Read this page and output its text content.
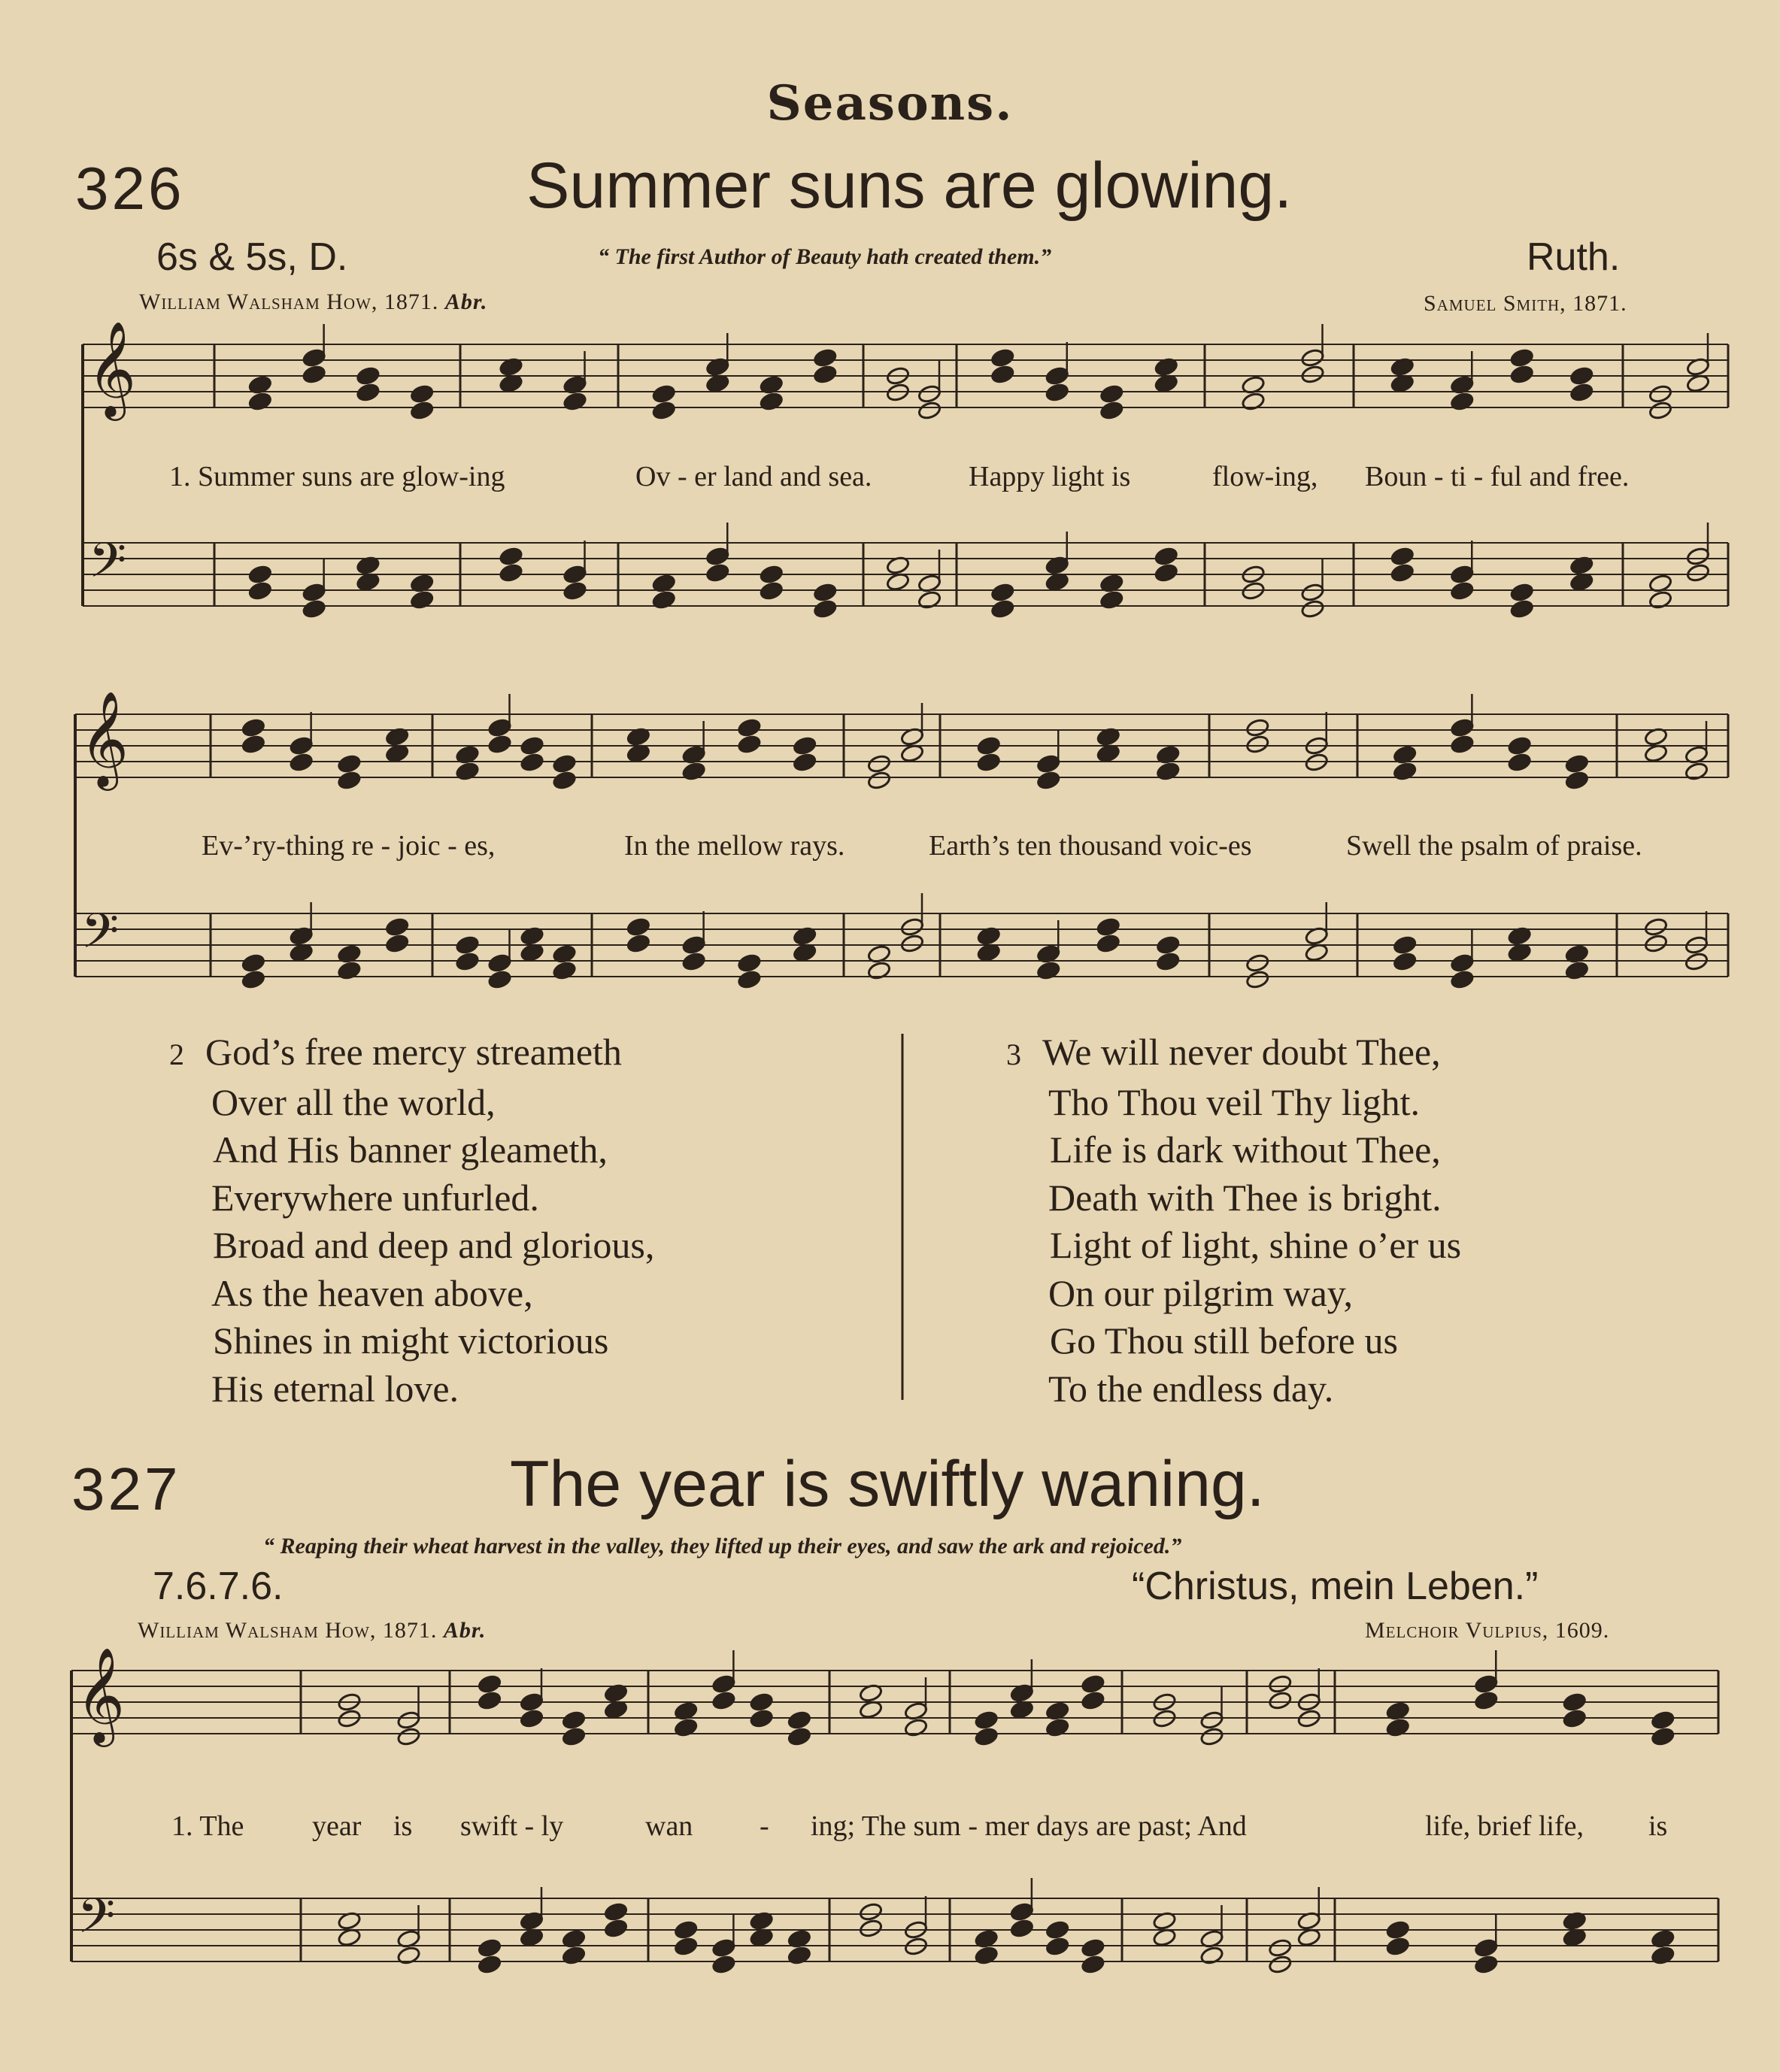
𝄞
𝄢
𝄞
𝄢
𝄞
𝄢
Seasons.
326	Summer suns are glowing.
6s & 5s, D.	“ The first Author of Beauty hath created them.”	Ruth.
William Walsham How, 1871. Abr.	Samuel Smith, 1871.
1. Summer suns are glow-ing	Ov - er land and sea.	Happy light is	flow-ing, Boun - ti - ful and free.
Ev-’ry-thing re - joic - es,	In the mellow rays.	Earth’s ten thousand voic-es	Swell the psalm of praise.
2 God’s free mercy streameth
Over all the world,
And His banner gleameth,
Everywhere unfurled.
Broad and deep and glorious,
As the heaven above,
Shines in might victorious
His eternal love.
3 We will never doubt Thee,
Tho Thou veil Thy light.
Life is dark without Thee,
Death with Thee is bright.
Light of light, shine o’er us
On our pilgrim way,
Go Thou still before us
To the endless day.
327	The year is swiftly waning.
“ Reaping their wheat harvest in the valley, they lifted up their eyes, and saw the ark and rejoiced.”
7.6.7.6.	“Christus, mein Leben.”
William Walsham How, 1871. Abr.	Melchoir Vulpius, 1609.
1. The year is swift - ly	wan - ing; The sum - mer days are past; And	life, brief life, is
